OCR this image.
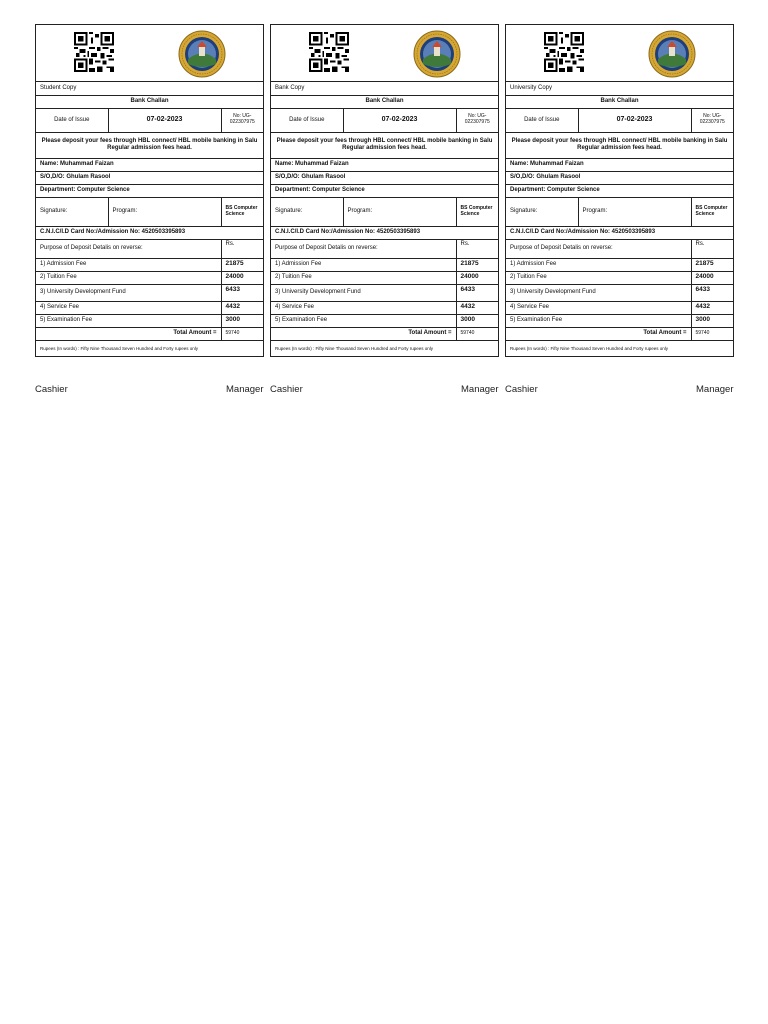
Student Copy		
Bank Challan		
Date of Issue	07-02-2023	No: UG-022307975
Please deposit your fees through HBL connect/ HBL mobile banking in Salu Regular admission fees head.		
Name: Muhammad Faizan		
S/O,D/O: Ghulam Rasool		
Department: Computer Science		
Signature:	Program:	BS Computer Science
C.N.I.C/I.D Card No:/Admission No: 4520503395893		
Purpose of Deposit Detalis on reverse:		Rs.
1) Admission Fee		21875
2) Tuition Fee		24000
3) University Development Fund		6433
4) Service Fee		4432
5) Examination Fee		3000
Total Amount =		59740
Rupees (In words) : Fifty Nine Thousand Seven Hundred and Forty rupees only		
Cashier	Manager
Bank Copy		
Bank Challan		
Date of Issue	07-02-2023	No: UG-022307975
Please deposit your fees through HBL connect/ HBL mobile banking in Salu Regular admission fees head.		
Name: Muhammad Faizan		
S/O,D/O: Ghulam Rasool		
Department: Computer Science		
Signature:	Program:	BS Computer Science
C.N.I.C/I.D Card No:/Admission No: 4520503395893		
Purpose of Deposit Detalis on reverse:		Rs.
1) Admission Fee		21875
2) Tuition Fee		24000
3) University Development Fund		6433
4) Service Fee		4432
5) Examination Fee		3000
Total Amount =		59740
Rupees (In words) : Fifty Nine Thousand Seven Hundred and Forty rupees only		
Cashier	Manager
University Copy		
Bank Challan		
Date of Issue	07-02-2023	No: UG-022307975
Please deposit your fees through HBL connect/ HBL mobile banking in Salu Regular admission fees head.		
Name: Muhammad Faizan		
S/O,D/O: Ghulam Rasool		
Department: Computer Science		
Signature:	Program:	BS Computer Science
C.N.I.C/I.D Card No:/Admission No: 4520503395893		
Purpose of Deposit Detalis on reverse:		Rs.
1) Admission Fee		21875
2) Tuition Fee		24000
3) University Development Fund		6433
4) Service Fee		4432
5) Examination Fee		3000
Total Amount =		59740
Rupees (In words) : Fifty Nine Thousand Seven Hundred and Forty rupees only		
Cashier	Manager
